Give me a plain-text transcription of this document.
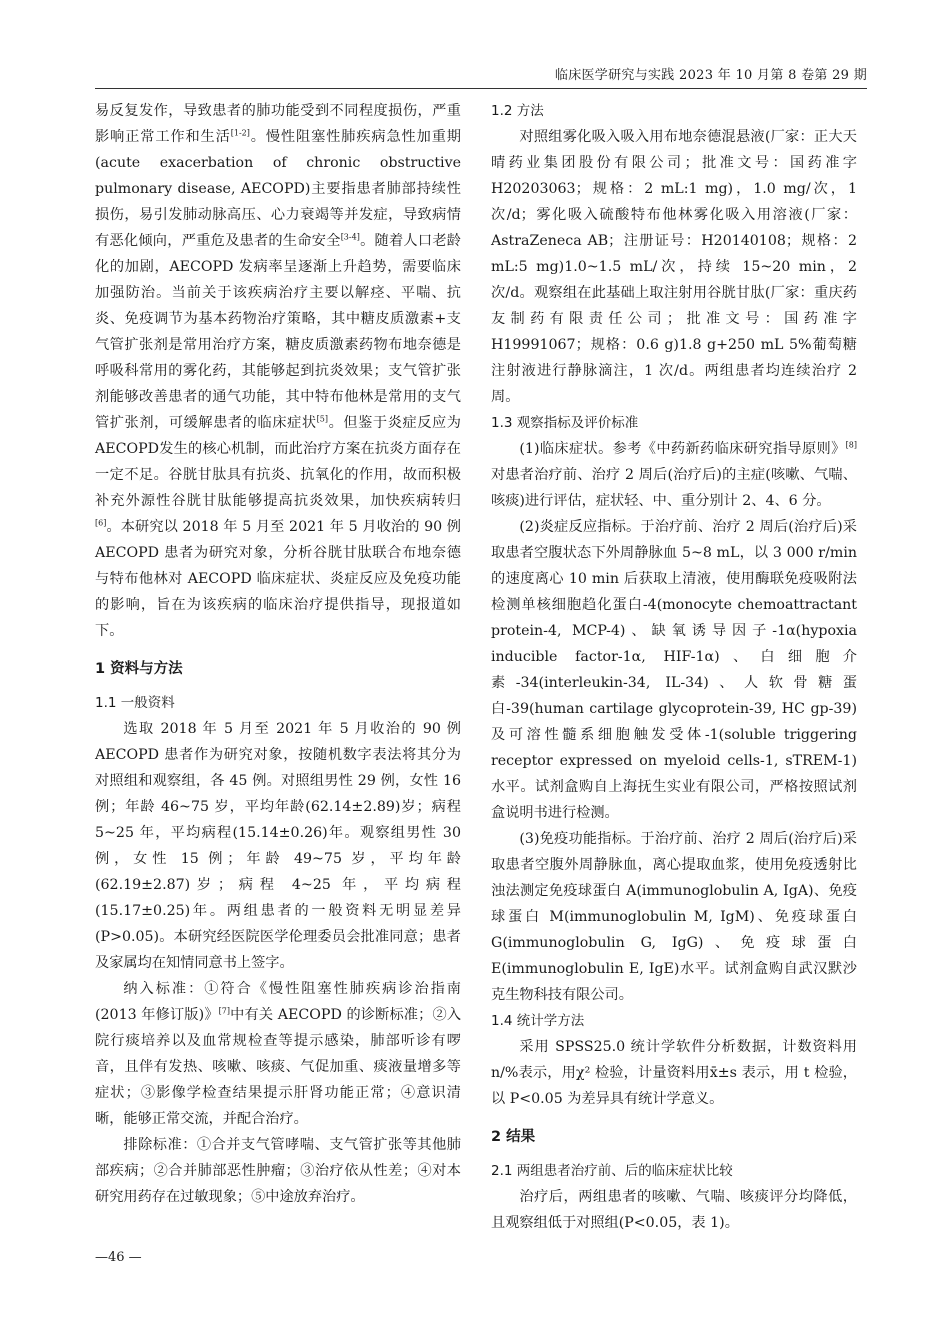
临床医学研究与实践 2023 年 10 月第 8 卷第 29 期

易反复发作，导致患者的肺功能受到不同程度损伤，严重影响正常工作和生活[1-2]。慢性阻塞性肺疾病急性加重期(acute exacerbation of chronic obstructive pulmonary disease, AECOPD)主要指患者肺部持续性损伤，易引发肺动脉高压、心力衰竭等并发症，导致病情有恶化倾向，严重危及患者的生命安全[3-4]。随着人口老龄化的加剧，AECOPD 发病率呈逐渐上升趋势，需要临床加强防治。当前关于该疾病治疗主要以解痉、平喘、抗炎、免疫调节为基本药物治疗策略，其中糖皮质激素+支气管扩张剂是常用治疗方案，糖皮质激素药物布地奈德是呼吸科常用的雾化药，其能够起到抗炎效果；支气管扩张剂能够改善患者的通气功能，其中特布他林是常用的支气管扩张剂，可缓解患者的临床症状[5]。但鉴于炎症反应为 AECOPD发生的核心机制，而此治疗方案在抗炎方面存在一定不足。谷胱甘肽具有抗炎、抗氧化的作用，故而积极补充外源性谷胱甘肽能够提高抗炎效果，加快疾病转归[6]。本研究以 2018 年 5 月至 2021 年 5 月收治的 90 例 AECOPD 患者为研究对象，分析谷胱甘肽联合布地奈德与特布他林对 AECOPD 临床症状、炎症反应及免疫功能的影响，旨在为该疾病的临床治疗提供指导，现报道如下。

1 资料与方法
1.1 一般资料

选取 2018 年 5 月至 2021 年 5 月收治的 90 例 AECOPD 患者作为研究对象，按随机数字表法将其分为对照组和观察组，各 45 例。对照组男性 29 例，女性 16 例；年龄 46~75 岁，平均年龄(62.14±2.89)岁；病程 5~25 年，平均病程(15.14±0.26)年。观察组男性 30 例，女性 15 例；年龄 49~75 岁，平均年龄(62.19±2.87)岁；病程 4~25 年，平均病程(15.17±0.25)年。两组患者的一般资料无明显差异(P>0.05)。本研究经医院医学伦理委员会批准同意；患者及家属均在知情同意书上签字。

纳入标准：①符合《慢性阻塞性肺疾病诊治指南(2013 年修订版)》[7]中有关 AECOPD 的诊断标准；②入院行痰培养以及血常规检查等提示感染，肺部听诊有啰音，且伴有发热、咳嗽、咳痰、气促加重、痰液量增多等症状；③影像学检查结果提示肝肾功能正常；④意识清晰，能够正常交流，并配合治疗。

排除标准：①合并支气管哮喘、支气管扩张等其他肺部疾病；②合并肺部恶性肿瘤；③治疗依从性差；④对本研究用药存在过敏现象；⑤中途放弃治疗。

1.2 方法

对照组雾化吸入吸入用布地奈德混悬液(厂家：正大天晴药业集团股份有限公司；批准文号：国药准字 H20203063；规格：2 mL:1 mg)，1.0 mg/次，1 次/d；雾化吸入硫酸特布他林雾化吸入用溶液(厂家：AstraZeneca AB；注册证号：H20140108；规格：2 mL:5 mg)1.0~1.5 mL/次，持续 15~20 min，2 次/d。观察组在此基础上取注射用谷胱甘肽(厂家：重庆药友制药有限责任公司；批准文号：国药准字 H19991067；规格：0.6 g)1.8 g+250 mL 5%葡萄糖注射液进行静脉滴注，1 次/d。两组患者均连续治疗 2 周。

1.3 观察指标及评价标准

(1)临床症状。参考《中药新药临床研究指导原则》[8]对患者治疗前、治疗 2 周后(治疗后)的主症(咳嗽、气喘、咳痰)进行评估，症状轻、中、重分别计 2、4、6 分。

(2)炎症反应指标。于治疗前、治疗 2 周后(治疗后)采取患者空腹状态下外周静脉血 5~8 mL，以 3 000 r/min 的速度离心 10 min 后获取上清液，使用酶联免疫吸附法检测单核细胞趋化蛋白-4(monocyte chemoattractant protein-4, MCP-4)、缺氧诱导因子-1α(hypoxia inducible factor-1α, HIF-1α)、白细胞介素-34(interleukin-34, IL-34)、人软骨糖蛋白-39(human cartilage glycoprotein-39, HC gp-39)及可溶性髓系细胞触发受体-1(soluble triggering receptor expressed on myeloid cells-1, sTREM-1)水平。试剂盒购自上海抚生实业有限公司，严格按照试剂盒说明书进行检测。

(3)免疫功能指标。于治疗前、治疗 2 周后(治疗后)采取患者空腹外周静脉血，离心提取血浆，使用免疫透射比浊法测定免疫球蛋白 A(immunoglobulin A, IgA)、免疫球蛋白 M(immunoglobulin M, IgM)、免疫球蛋白 G(immunoglobulin G, IgG)、免疫球蛋白 E(immunoglobulin E, IgE)水平。试剂盒购自武汉默沙克生物科技有限公司。

1.4 统计学方法

采用 SPSS25.0 统计学软件分析数据，计数资料用 n/%表示，用χ² 检验，计量资料用x̄±s 表示，用 t 检验，以 P<0.05 为差异具有统计学意义。

2 结果
2.1 两组患者治疗前、后的临床症状比较

治疗后，两组患者的咳嗽、气喘、咳痰评分均降低，且观察组低于对照组(P<0.05，表 1)。

—46 —
